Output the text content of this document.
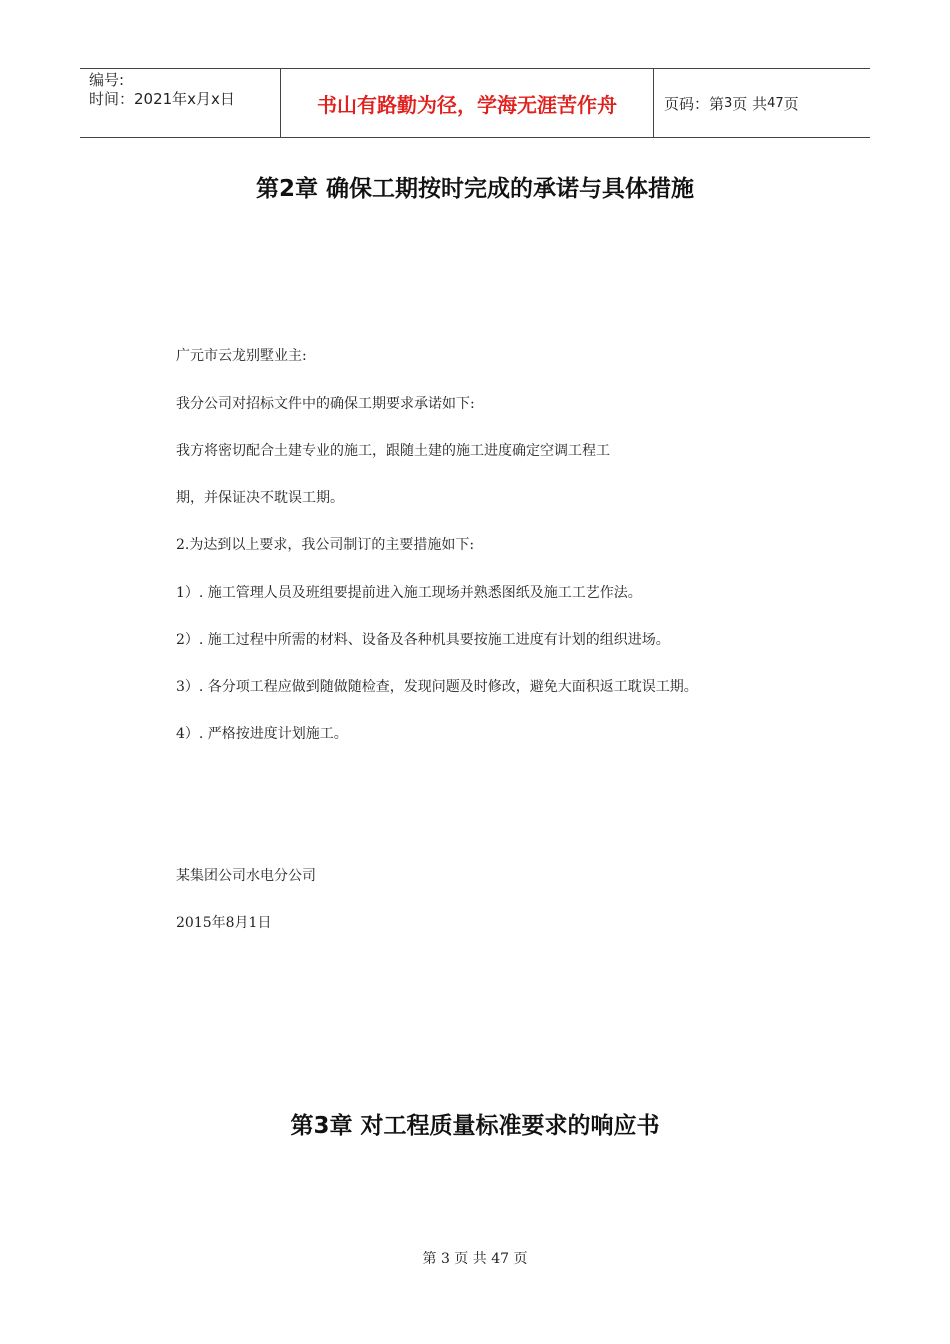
编号:
时间：2021年x月x日	书山有路勤为径，学海无涯苦作舟	页码：第 3 页 共 47 页
第2章 确保工期按时完成的承诺与具体措施
广元市云龙别墅业主:
我分公司对招标文件中的确保工期要求承诺如下:
我方将密切配合土建专业的施工，跟随土建的施工进度确定空调工程工
期，并保证决不耽误工期。
2.为达到以上要求，我公司制订的主要措施如下:
1）. 施工管理人员及班组要提前进入施工现场并熟悉图纸及施工工艺作法。
2）. 施工过程中所需的材料、设备及各种机具要按施工进度有计划的组织进场。
3）. 各分项工程应做到随做随检查，发现问题及时修改，避免大面积返工耽误工期。
4）. 严格按进度计划施工。
某集团公司水电分公司
2015年8月1日
第3章 对工程质量标准要求的响应书
第 3 页 共 47 页
